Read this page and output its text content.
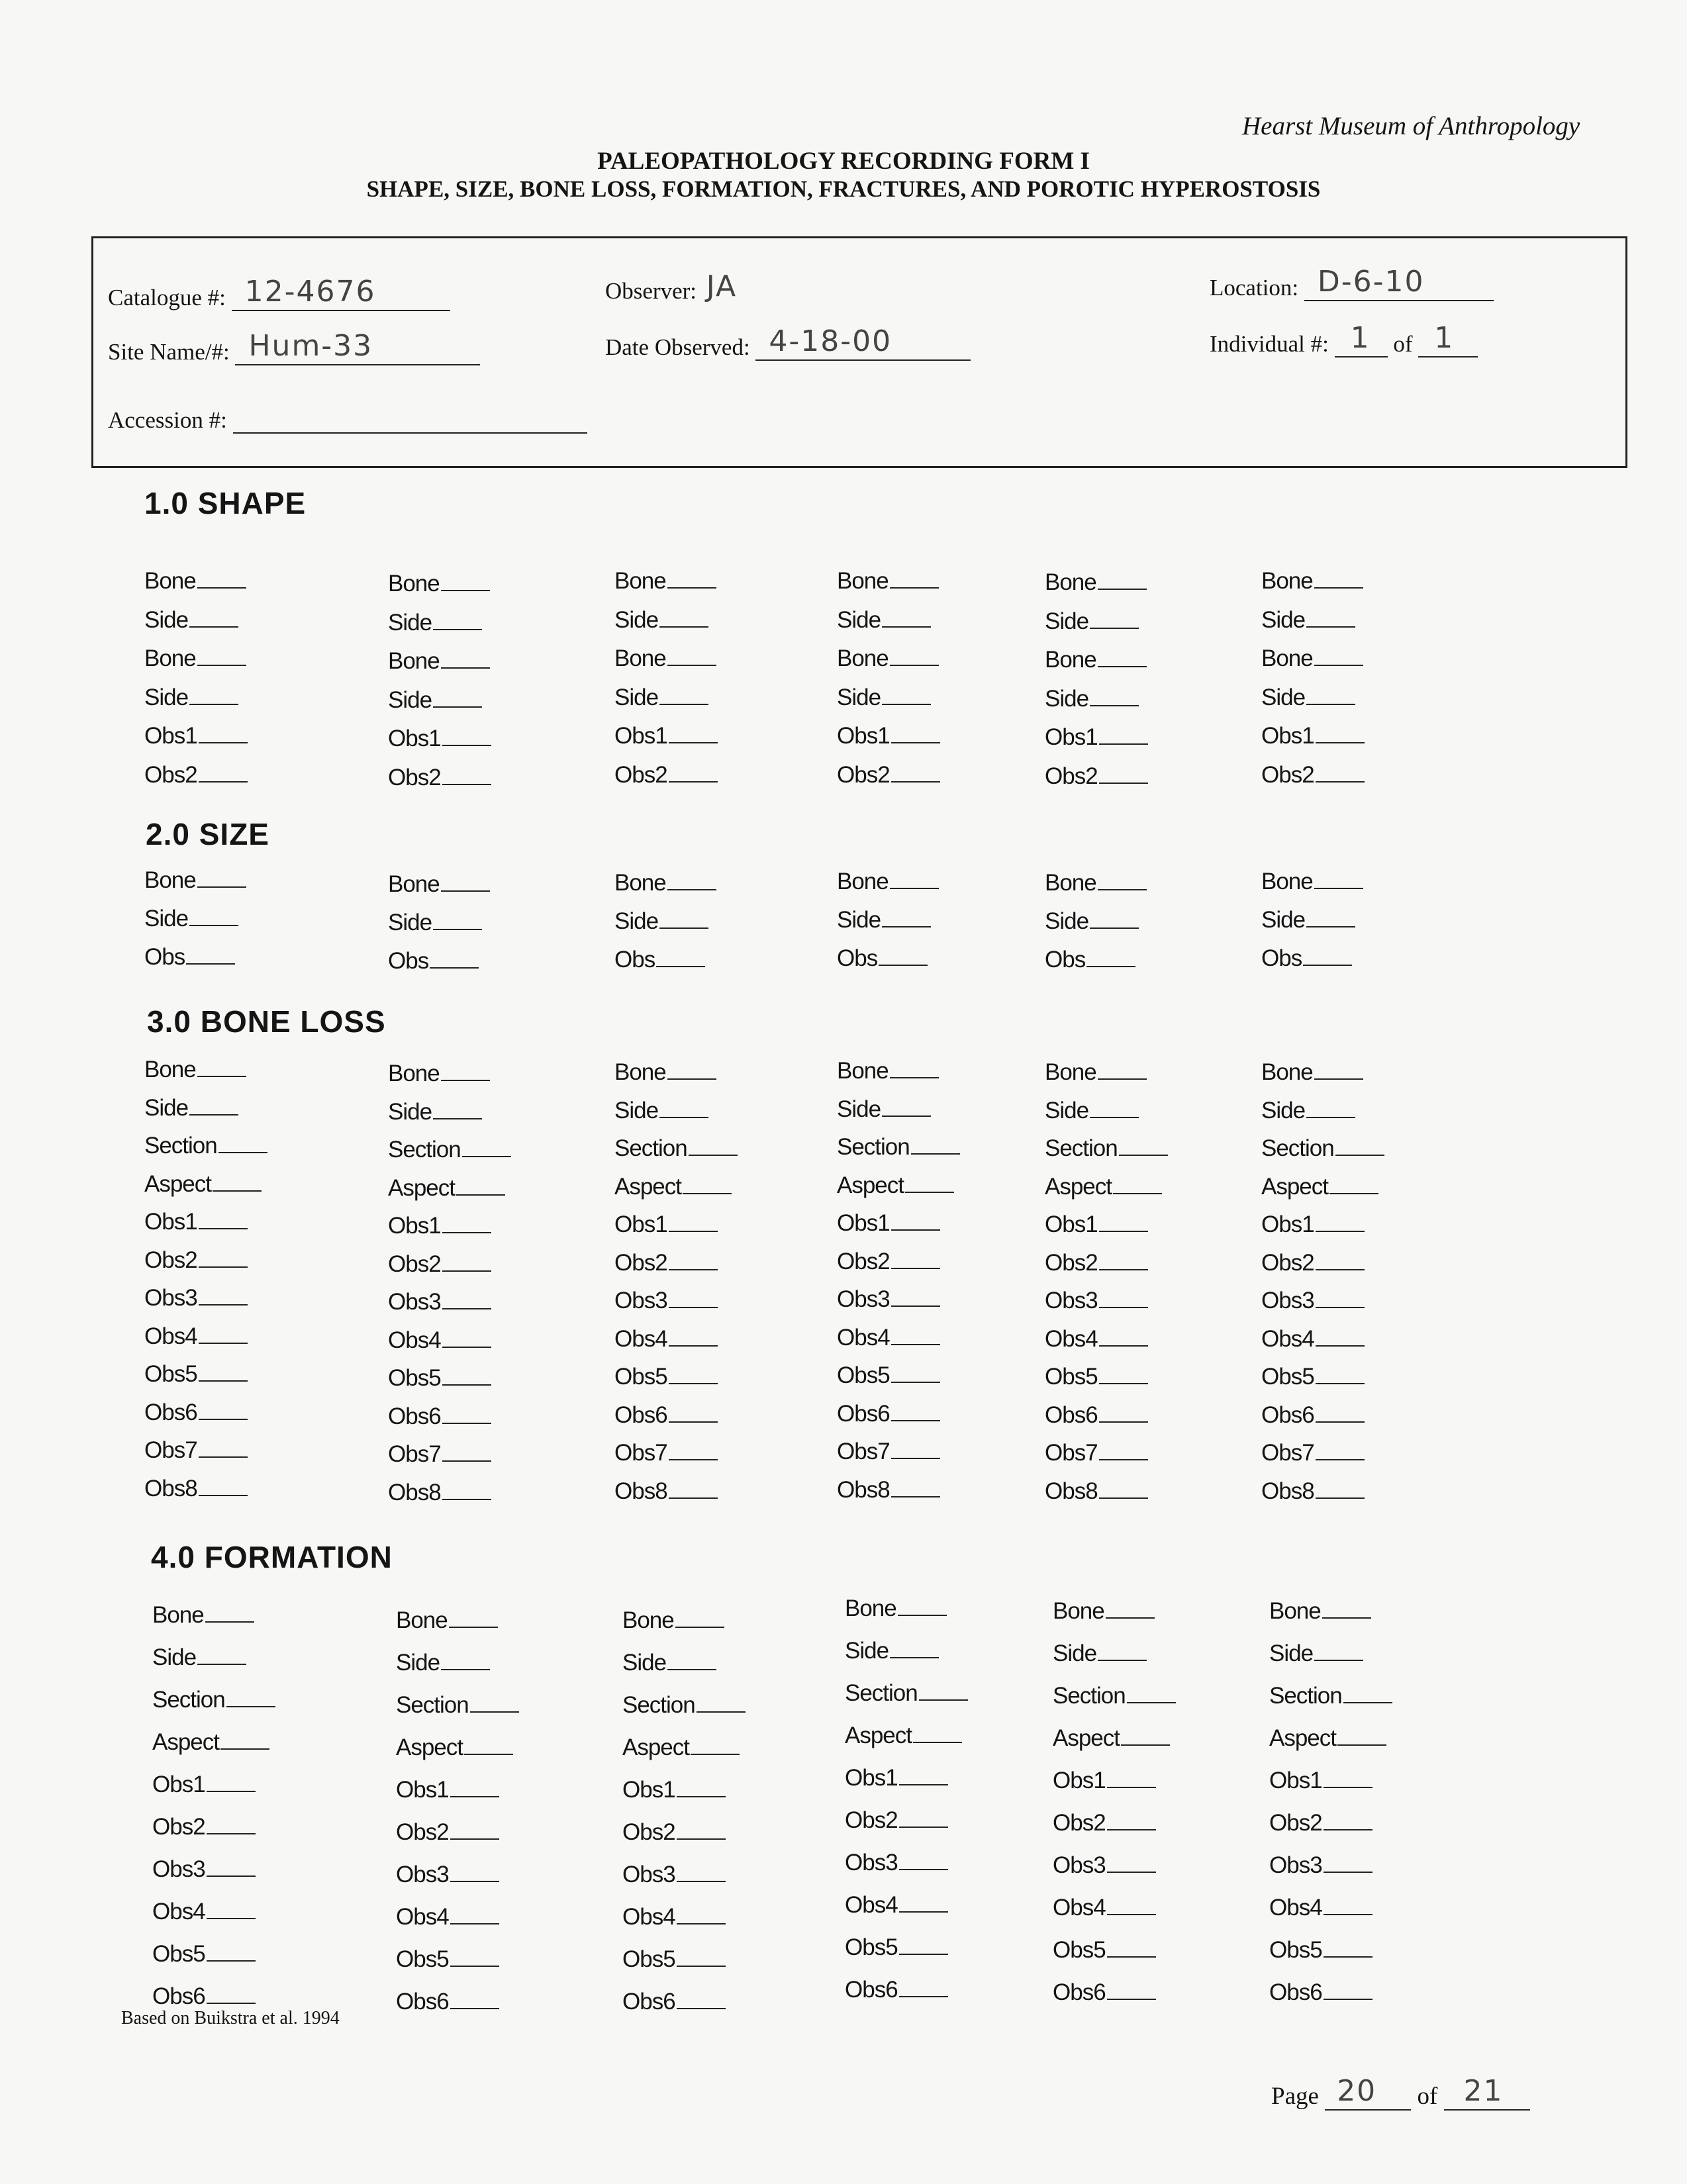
Hearst Museum of Anthropology
PALEOPATHOLOGY RECORDING FORM I
SHAPE, SIZE, BONE LOSS, FORMATION, FRACTURES, AND POROTIC HYPEROSTOSIS
Catalogue #: 12-4676	Observer: JA	Location: D-6-10
Site Name/#: Hum-33	Date Observed: 4-18-00	Individual #: 1 of 1
Accession #:
1.0 SHAPE
2.0 SIZE
3.0 BONE LOSS
4.0 FORMATION
Bone
Side
Bone
Side
Obs1
Obs2
Bone
Side
Bone
Side
Obs1
Obs2
Bone
Side
Bone
Side
Obs1
Obs2
Bone
Side
Bone
Side
Obs1
Obs2
Bone
Side
Bone
Side
Obs1
Obs2
Bone
Side
Bone
Side
Obs1
Obs2
Bone
Side
Obs
Bone
Side
Obs
Bone
Side
Obs
Bone
Side
Obs
Bone
Side
Obs
Bone
Side
Obs
Bone
Side
Section
Aspect
Obs1
Obs2
Obs3
Obs4
Obs5
Obs6
Obs7
Obs8
Bone
Side
Section
Aspect
Obs1
Obs2
Obs3
Obs4
Obs5
Obs6
Obs7
Obs8
Bone
Side
Section
Aspect
Obs1
Obs2
Obs3
Obs4
Obs5
Obs6
Obs7
Obs8
Bone
Side
Section
Aspect
Obs1
Obs2
Obs3
Obs4
Obs5
Obs6
Obs7
Obs8
Bone
Side
Section
Aspect
Obs1
Obs2
Obs3
Obs4
Obs5
Obs6
Obs7
Obs8
Bone
Side
Section
Aspect
Obs1
Obs2
Obs3
Obs4
Obs5
Obs6
Obs7
Obs8
Bone
Side
Section
Aspect
Obs1
Obs2
Obs3
Obs4
Obs5
Obs6
Bone
Side
Section
Aspect
Obs1
Obs2
Obs3
Obs4
Obs5
Obs6
Bone
Side
Section
Aspect
Obs1
Obs2
Obs3
Obs4
Obs5
Obs6
Bone
Side
Section
Aspect
Obs1
Obs2
Obs3
Obs4
Obs5
Obs6
Bone
Side
Section
Aspect
Obs1
Obs2
Obs3
Obs4
Obs5
Obs6
Bone
Side
Section
Aspect
Obs1
Obs2
Obs3
Obs4
Obs5
Obs6
Based on Buikstra et al. 1994
Page 20 of 21
